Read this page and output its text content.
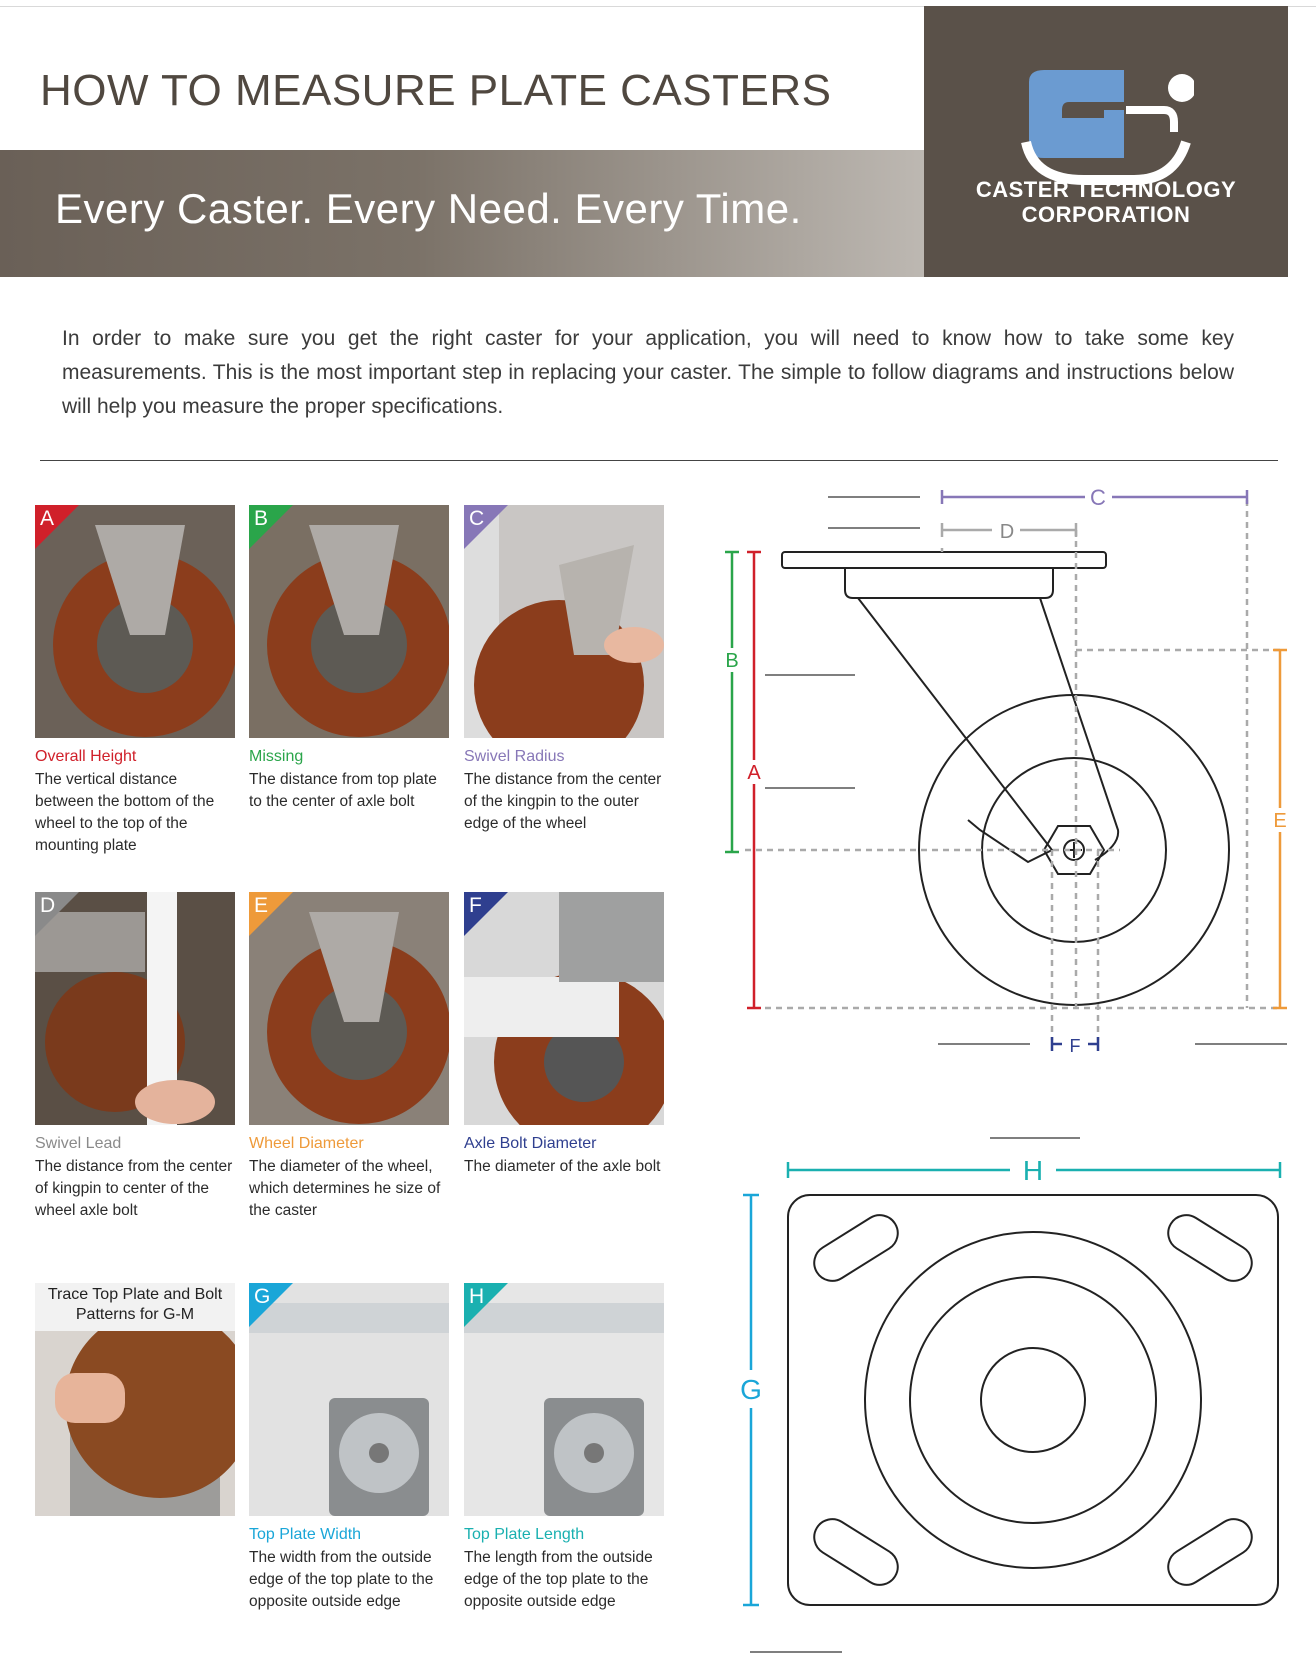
HOW TO MEASURE PLATE CASTERS
Every Caster. Every Need. Every Time.	CASTER TECHNOLOGY
CORPORATION
In order to make sure you get the right caster for your application, you will need to know how to take some key measurements. This is the most important step in replacing your caster. The simple to follow diagrams and instructions below will help you measure the proper specifications.
A
Overall Height
The vertical distance between the bottom of the wheel to the top of the mounting plate
B
Missing
The distance from top plate to the center of axle bolt
C
Swivel Radius
The distance from the center of the kingpin to the outer edge of the wheel
D
Swivel Lead
The distance from the center of kingpin to center of the wheel axle bolt
E
Wheel Diameter
The diameter of the wheel, which determines he size of the caster
F
Axle Bolt Diameter
The diameter of the axle bolt
G
Top Plate Width
The width from the outside edge of the top plate to the opposite outside edge
H
Top Plate Length
The length from the outside edge of the top plate to the opposite outside edge
Trace Top Plate and Bolt Patterns for G-M
C
D
B
A
E
F
H
G
